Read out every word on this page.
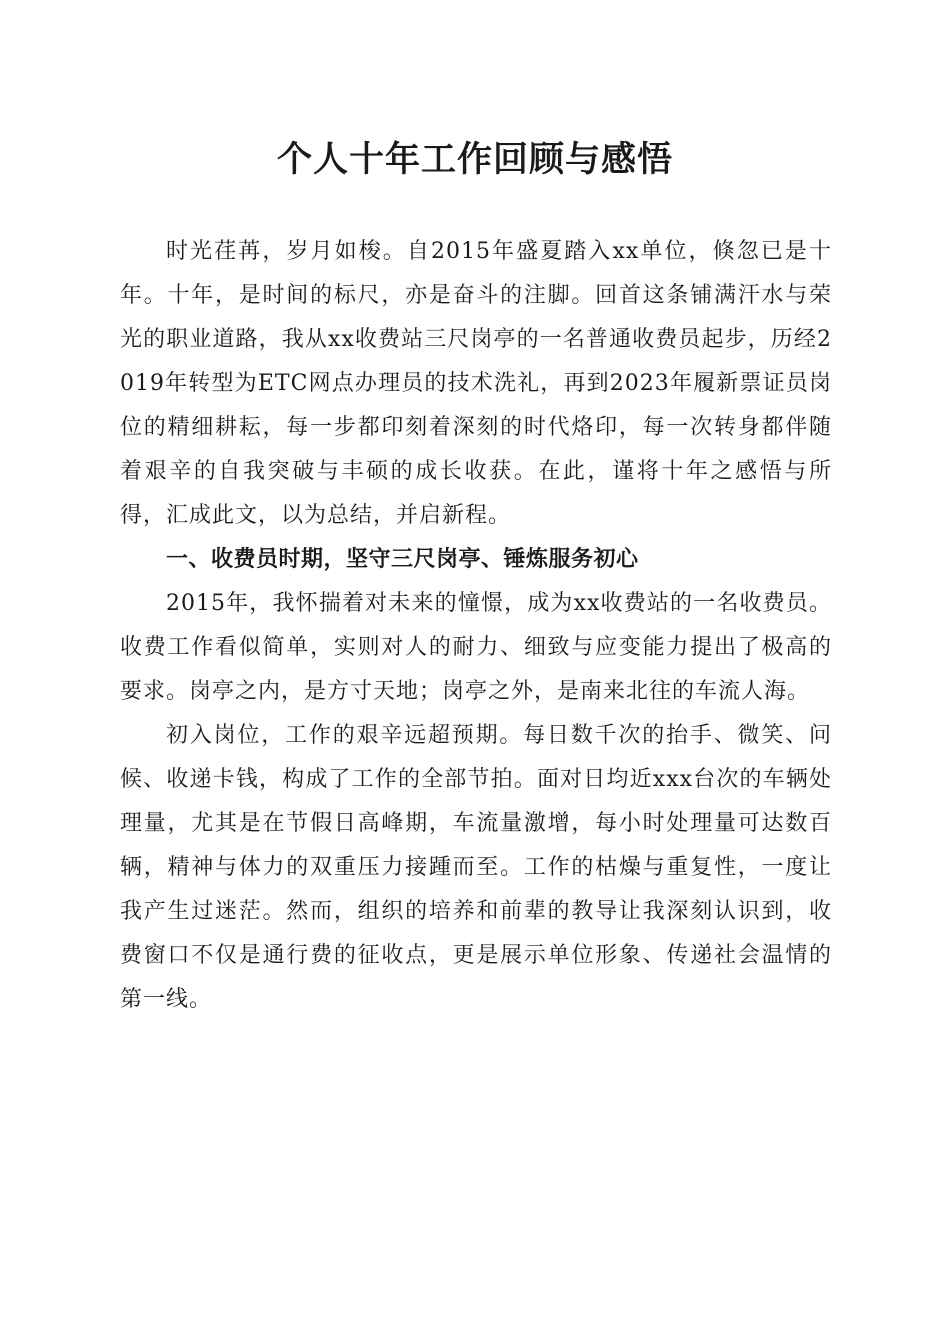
个人十年工作回顾与感悟

时光荏苒，岁月如梭。自2015年盛夏踏入xx单位，倏忽已是十年。十年，是时间的标尺，亦是奋斗的注脚。回首这条铺满汗水与荣光的职业道路，我从xx收费站三尺岗亭的一名普通收费员起步，历经2019年转型为ETC网点办理员的技术洗礼，再到2023年履新票证员岗位的精细耕耘，每一步都印刻着深刻的时代烙印，每一次转身都伴随着艰辛的自我突破与丰硕的成长收获。在此，谨将十年之感悟与所得，汇成此文，以为总结，并启新程。

一、收费员时期，坚守三尺岗亭、锤炼服务初心

2015年，我怀揣着对未来的憧憬，成为xx收费站的一名收费员。收费工作看似简单，实则对人的耐力、细致与应变能力提出了极高的要求。岗亭之内，是方寸天地；岗亭之外，是南来北往的车流人海。

初入岗位，工作的艰辛远超预期。每日数千次的抬手、微笑、问候、收递卡钱，构成了工作的全部节拍。面对日均近xxx台次的车辆处理量，尤其是在节假日高峰期，车流量激增，每小时处理量可达数百辆，精神与体力的双重压力接踵而至。工作的枯燥与重复性，一度让我产生过迷茫。然而，组织的培养和前辈的教导让我深刻认识到，收费窗口不仅是通行费的征收点，更是展示单位形象、传递社会温情的第一线。
